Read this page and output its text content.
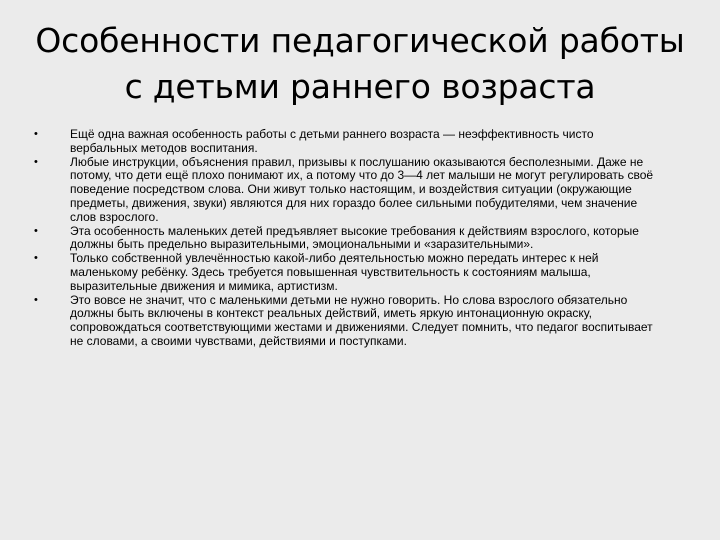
Особенности педагогической работы
с детьми раннего возраста
•	Ещё одна важная особенность работы с детьми раннего возраста — неэффективность чисто вербальных методов воспитания.
•	Любые инструкции, объяснения правил, призывы к послушанию оказываются бесполезными. Даже не потому, что дети ещё плохо понимают их, а потому что до 3—4 лет малыши не могут регулировать своё поведение посредством слова. Они живут только настоящим, и воздействия ситуации (окружающие предметы, движения, звуки) являются для них гораздо более сильными побудителями, чем значение слов взрослого.
•	Эта особенность маленьких детей предъявляет высокие требования к действиям взрослого, которые должны быть предельно выразительными, эмоциональными и «заразительными».
•	Только собственной увлечённостью какой-либо деятельностью можно передать интерес к ней маленькому ребёнку. Здесь требуется повышенная чувствительность к состояниям малыша, выразительные движения и мимика, артистизм.
•	Это вовсе не значит, что с маленькими детьми не нужно говорить. Но слова взрослого обязательно должны быть включены в контекст реальных действий, иметь яркую интонационную окраску, сопровождаться соответствующими жестами и движениями. Следует помнить, что педагог воспитывает не словами, а своими чувствами, действиями и поступками.
